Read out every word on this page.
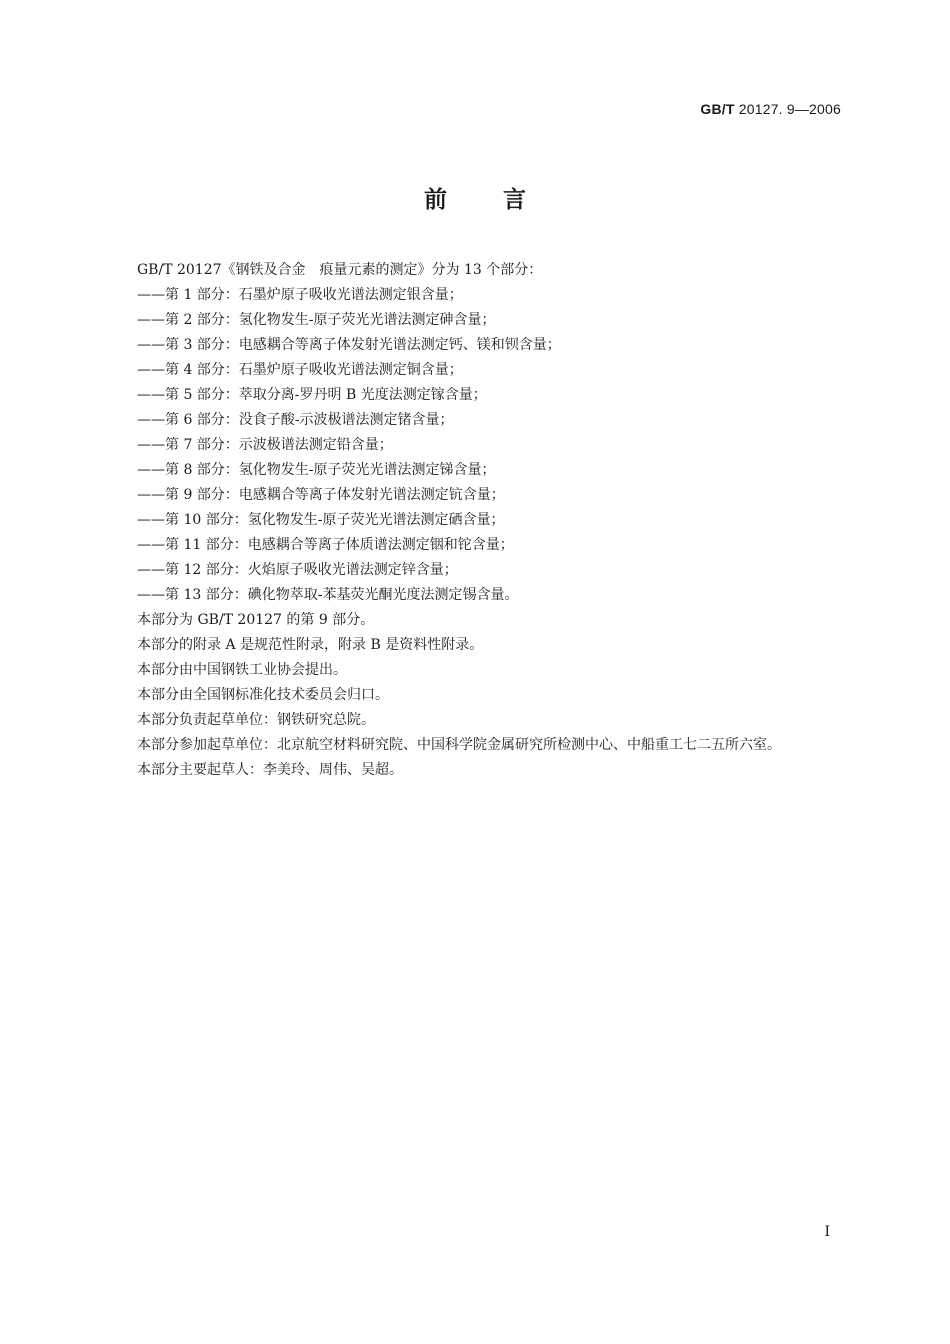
GB/T 20127. 9—2006
前 言

GB/T 20127《钢铁及合金　痕量元素的测定》分为 13 个部分：

——第 1 部分：石墨炉原子吸收光谱法测定银含量；

——第 2 部分：氢化物发生-原子荧光光谱法测定砷含量；

——第 3 部分：电感耦合等离子体发射光谱法测定钙、镁和钡含量；

——第 4 部分：石墨炉原子吸收光谱法测定铜含量；

——第 5 部分：萃取分离-罗丹明 B 光度法测定镓含量；

——第 6 部分：没食子酸-示波极谱法测定锗含量；

——第 7 部分：示波极谱法测定铅含量；

——第 8 部分：氢化物发生-原子荧光光谱法测定锑含量；

——第 9 部分：电感耦合等离子体发射光谱法测定钪含量；

——第 10 部分：氢化物发生-原子荧光光谱法测定硒含量；

——第 11 部分：电感耦合等离子体质谱法测定铟和铊含量；

——第 12 部分：火焰原子吸收光谱法测定锌含量；

——第 13 部分：碘化物萃取-苯基荧光酮光度法测定锡含量。

本部分为 GB/T 20127 的第 9 部分。

本部分的附录 A 是规范性附录，附录 B 是资料性附录。

本部分由中国钢铁工业协会提出。

本部分由全国钢标准化技术委员会归口。

本部分负责起草单位：钢铁研究总院。

本部分参加起草单位：北京航空材料研究院、中国科学院金属研究所检测中心、中船重工七二五所六室。

本部分主要起草人：李美玲、周伟、吴超。

I
